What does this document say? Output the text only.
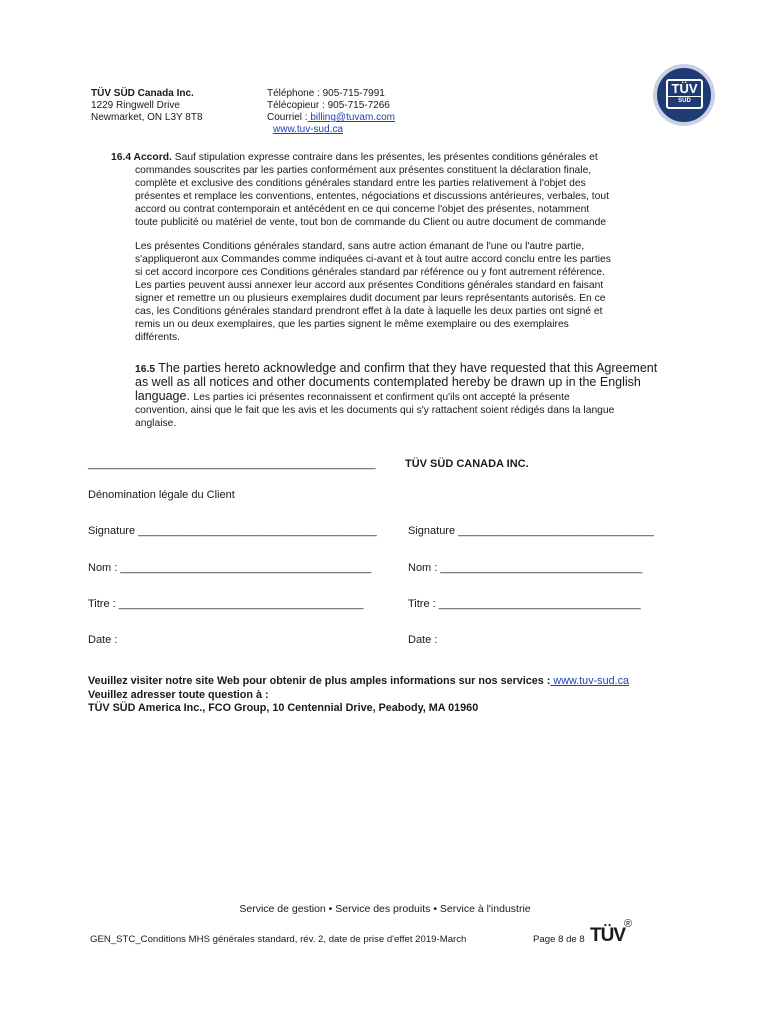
TÜV SÜD Canada Inc.
1229 Ringwell Drive
Newmarket, ON L3Y 8T8
Téléphone : 905-715-7991
Télécopieur : 905-715-7266
Courriel : billing@tuvam.com
www.tuv-sud.ca
TÜV
SÜD
16.4 Accord. Sauf stipulation expresse contraire dans les présentes, les présentes conditions générales et
commandes souscrites par les parties conformément aux présentes constituent la déclaration finale,
complète et exclusive des conditions générales standard entre les parties relativement à l'objet des
présentes et remplace les conventions, ententes, négociations et discussions antérieures, verbales, tout
accord ou contrat contemporain et antécédent en ce qui concerne l'objet des présentes, notamment
toute publicité ou matériel de vente, tout bon de commande du Client ou autre document de commande
Les présentes Conditions générales standard, sans autre action émanant de l'une ou l'autre partie,
s'appliqueront aux Commandes comme indiquées ci-avant et à tout autre accord conclu entre les parties
si cet accord incorpore ces Conditions générales standard par référence ou y font autrement référence.
Les parties peuvent aussi annexer leur accord aux présentes Conditions générales standard en faisant
signer et remettre un ou plusieurs exemplaires dudit document par leurs représentants autorisés. En ce
cas, les Conditions générales standard prendront effet à la date à laquelle les deux parties ont signé et
remis un ou deux exemplaires, que les parties signent le même exemplaire ou des exemplaires
différents.
16.5 The parties hereto acknowledge and confirm that they have requested that this Agreement
as well as all notices and other documents contemplated hereby be drawn up in the English
language. Les parties ici présentes reconnaissent et confirment qu'ils ont accepté la présente
convention, ainsi que le fait que les avis et les documents qui s'y rattachent soient rédigés dans la langue
anglaise.
_______________________________________________	TÜV SÜD CANADA INC.
Dénomination légale du Client
Signature _______________________________________	Signature ________________________________
Nom : _________________________________________	Nom : _________________________________
Titre : ________________________________________	Titre : _________________________________
Date :	Date :
Veuillez visiter notre site Web pour obtenir de plus amples informations sur nos services : www.tuv-sud.ca
Veuillez adresser toute question à :
TÜV SÜD America Inc., FCO Group, 10 Centennial Drive, Peabody, MA 01960
Service de gestion • Service des produits • Service à l'industrie
GEN_STC_Conditions MHS générales standard, rév. 2, date de prise d'effet 2019-March	Page 8 de 8 TÜV
®
